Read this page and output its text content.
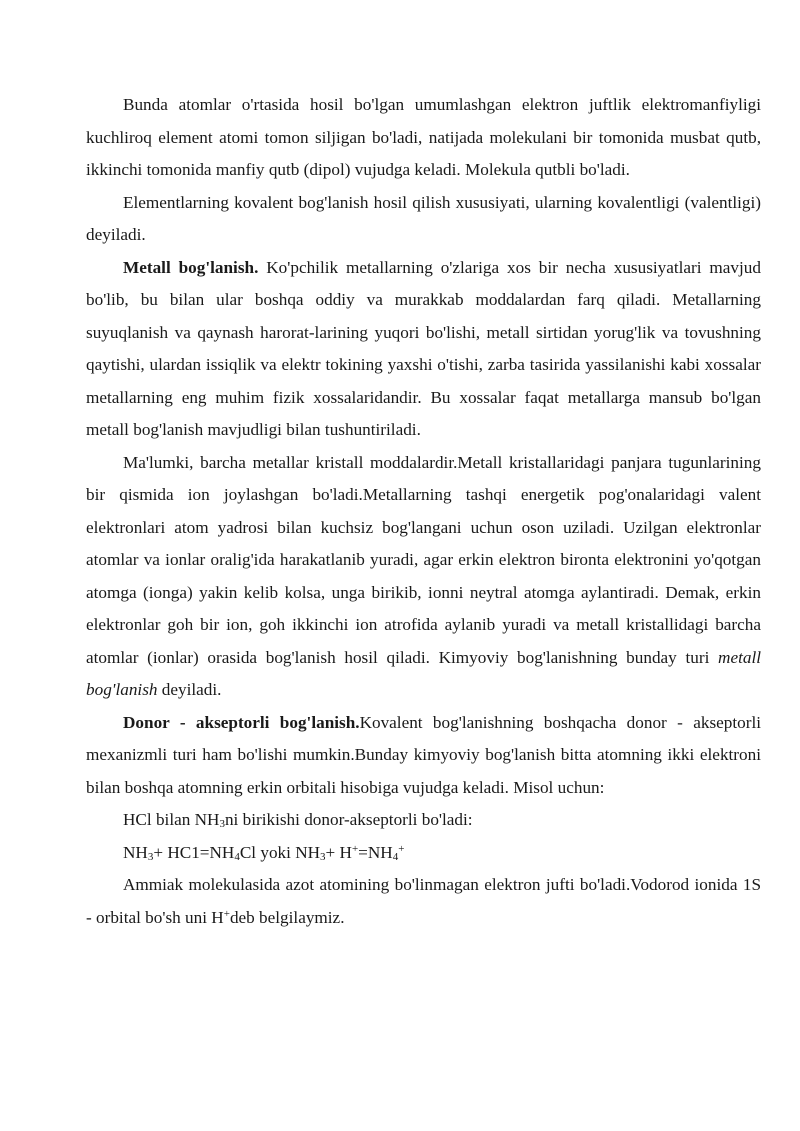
Bunda atomlar o'rtasida hosil bo'lgan umumlashgan elektron juftlik elektromanfiyligi kuchliroq element atomi tomon siljigan bo'ladi, natijada molekulani bir tomonida musbat qutb, ikkinchi tomonida manfiy qutb (dipol) vujudga keladi. Molekula qutbli bo'ladi.

Elementlarning kovalent bog'lanish hosil qilish xususiyati, ularning kovalentligi (valentligi) deyiladi.

Metall bog'lanish. Ko'pchilik metallarning o'zlariga xos bir necha xususiyatlari mavjud bo'lib, bu bilan ular boshqa oddiy va murakkab moddalardan farq qiladi. Metallarning suyuqlanish va qaynash harorat-larining yuqori bo'lishi, metall sirtidan yorug'lik va tovushning qaytishi, ulardan issiqlik va elektr tokining yaxshi o'tishi, zarba tasirida yassilanishi kabi xossalar metallarning eng muhim fizik xossalaridandir. Bu xossalar faqat metallarga mansub bo'lgan metall bog'lanish mavjudligi bilan tushuntiriladi.

Ma'lumki, barcha metallar kristall moddalardir.Metall kristallaridagi panjara tugunlarining bir qismida ion joylashgan bo'ladi.Metallarning tashqi energetik pog'onalaridagi valent elektronlari atom yadrosi bilan kuchsiz bog'langani uchun oson uziladi. Uzilgan elektronlar atomlar va ionlar oralig'ida harakatlanib yuradi, agar erkin elektron bironta elektronini yo'qotgan atomga (ionga) yakin kelib kolsa, unga birikib, ionni neytral atomga aylantiradi. Demak, erkin elektronlar goh bir ion, goh ikkinchi ion atrofida aylanib yuradi va metall kristallidagi barcha atomlar (ionlar) orasida bog'lanish hosil qiladi. Kimyoviy bog'lanishning bunday turi metall bog'lanish deyiladi.

Donor - akseptorli bog'lanish.Kovalent bog'lanishning boshqacha donor - akseptorli mexanizmli turi ham bo'lishi mumkin.Bunday kimyoviy bog'lanish bitta atomning ikki elektroni bilan boshqa atomning erkin orbitali hisobiga vujudga keladi. Misol uchun:

HCl bilan $NH_3ni$ birikishi donor-akseptorli bo'ladi:

$NH_3+ HC1=NH_4Cl$ yoki $NH_3+ H^+=NH_4^+$

Ammiak molekulasida azot atomining bo'linmagan elektron jufti bo'ladi.Vodorod ionida 1S - orbital bo'sh uni H+deb belgilaymiz.
